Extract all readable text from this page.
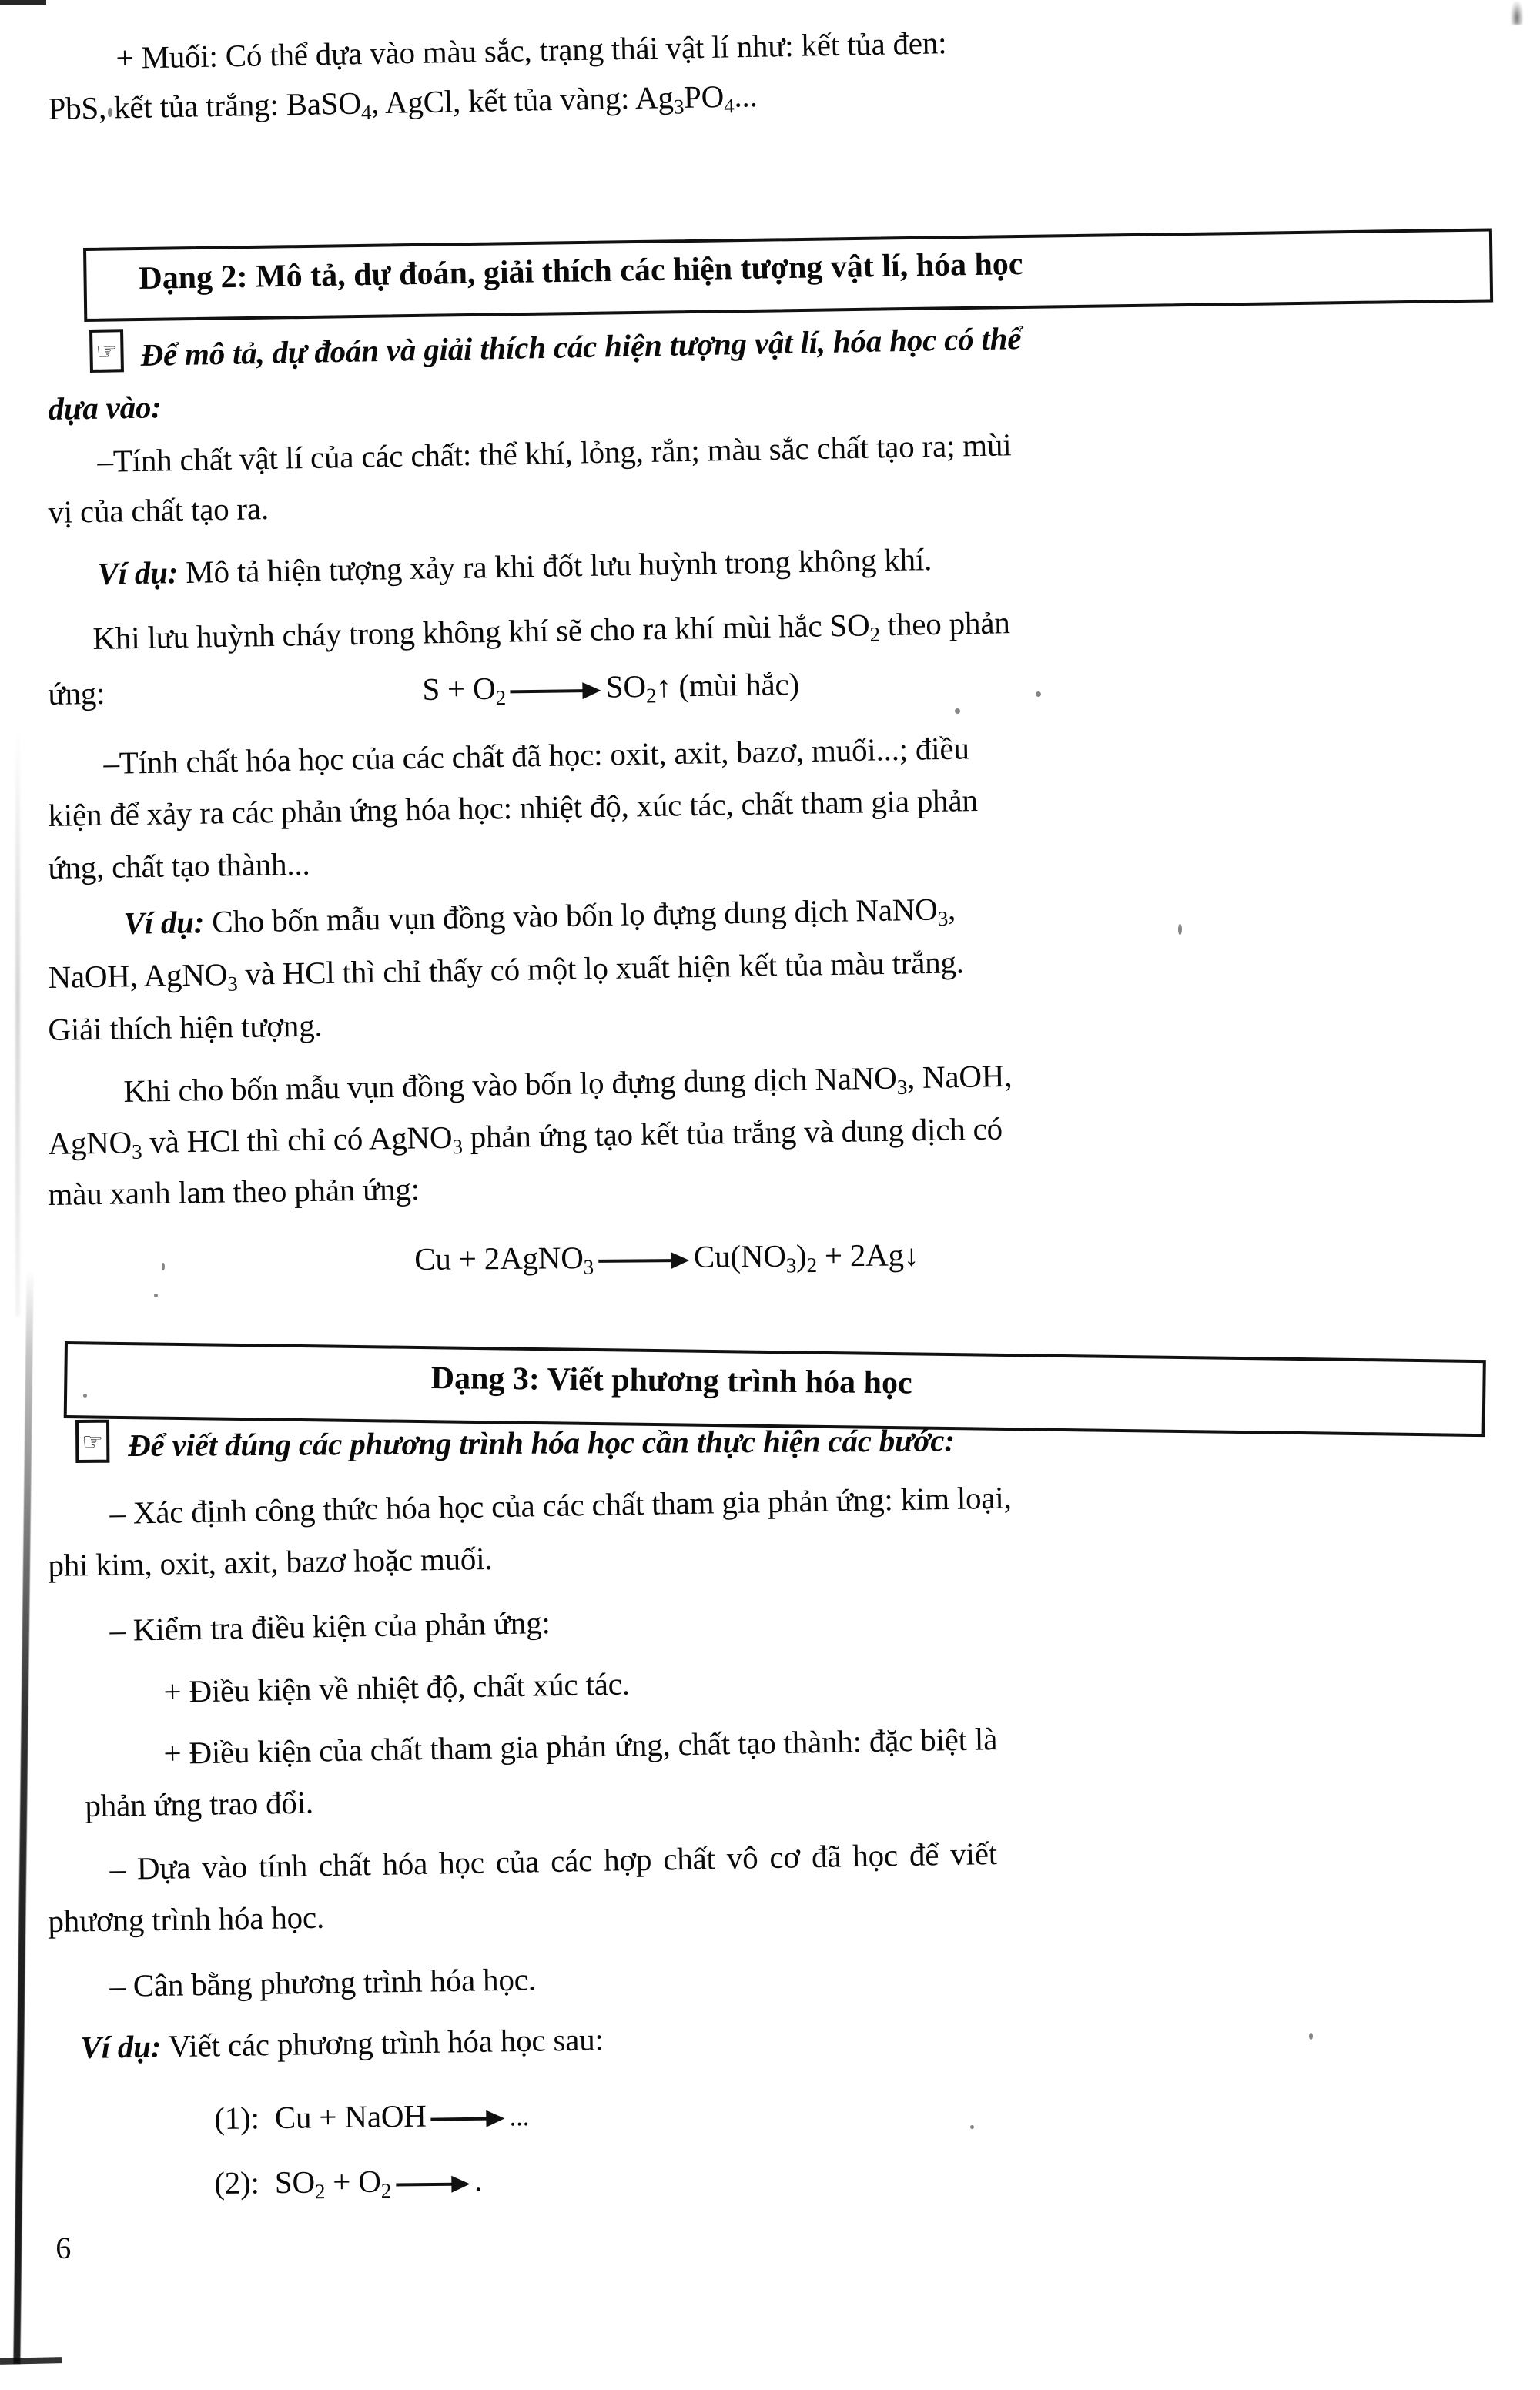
+ Muối: Có thể dựa vào màu sắc, trạng thái vật lí như: kết tủa đen:
PbS, kết tủa trắng: BaSO$_4$, AgCl, kết tủa vàng: $Ag_3PO_4$...
Dạng 2: Mô tả, dự đoán, giải thích các hiện tượng vật lí, hóa học
☞ Để mô tả, dự đoán và giải thích các hiện tượng vật lí, hóa học có thể
dựa vào:
–Tính chất vật lí của các chất: thể khí, lỏng, rắn; màu sắc chất tạo ra; mùi
vị của chất tạo ra.
Ví dụ: Mô tả hiện tượng xảy ra khi đốt lưu huỳnh trong không khí.
Khi lưu huỳnh cháy trong không khí sẽ cho ra khí mùi hắc $SO_2$ theo phản
ứng:	$S + O_2$	$SO_2↑$ (mùi hắc)
–Tính chất hóa học của các chất đã học: oxit, axit, bazơ, muối...; điều
kiện để xảy ra các phản ứng hóa học: nhiệt độ, xúc tác, chất tham gia phản
ứng, chất tạo thành...
Ví dụ: Cho bốn mẫu vụn đồng vào bốn lọ đựng dung dịch NaNO$_3$,
NaOH, AgNO$_3$ và HCl thì chỉ thấy có một lọ xuất hiện kết tủa màu trắng.
Giải thích hiện tượng.
Khi cho bốn mẫu vụn đồng vào bốn lọ đựng dung dịch NaNO$_3$, NaOH,
AgNO$_3$ và HCl thì chỉ có AgNO$_3$ phản ứng tạo kết tủa trắng và dung dịch có
màu xanh lam theo phản ứng:
Cu + 2AgNO$_3$	$Cu(NO_3)_2$ + 2Ag↓
Dạng 3: Viết phương trình hóa học
☞ Để viết đúng các phương trình hóa học cần thực hiện các bước:
– Xác định công thức hóa học của các chất tham gia phản ứng: kim loại,
phi kim, oxit, axit, bazơ hoặc muối.
– Kiểm tra điều kiện của phản ứng:
+ Điều kiện về nhiệt độ, chất xúc tác.
+ Điều kiện của chất tham gia phản ứng, chất tạo thành: đặc biệt là
phản ứng trao đổi.
– Dựa vào tính chất hóa học của các hợp chất vô cơ đã học để viết
phương trình hóa học.
– Cân bằng phương trình hóa học.
Ví dụ: Viết các phương trình hóa học sau:
(1): Cu + NaOH	...
(2): $SO_2 + O_2$	.
6
